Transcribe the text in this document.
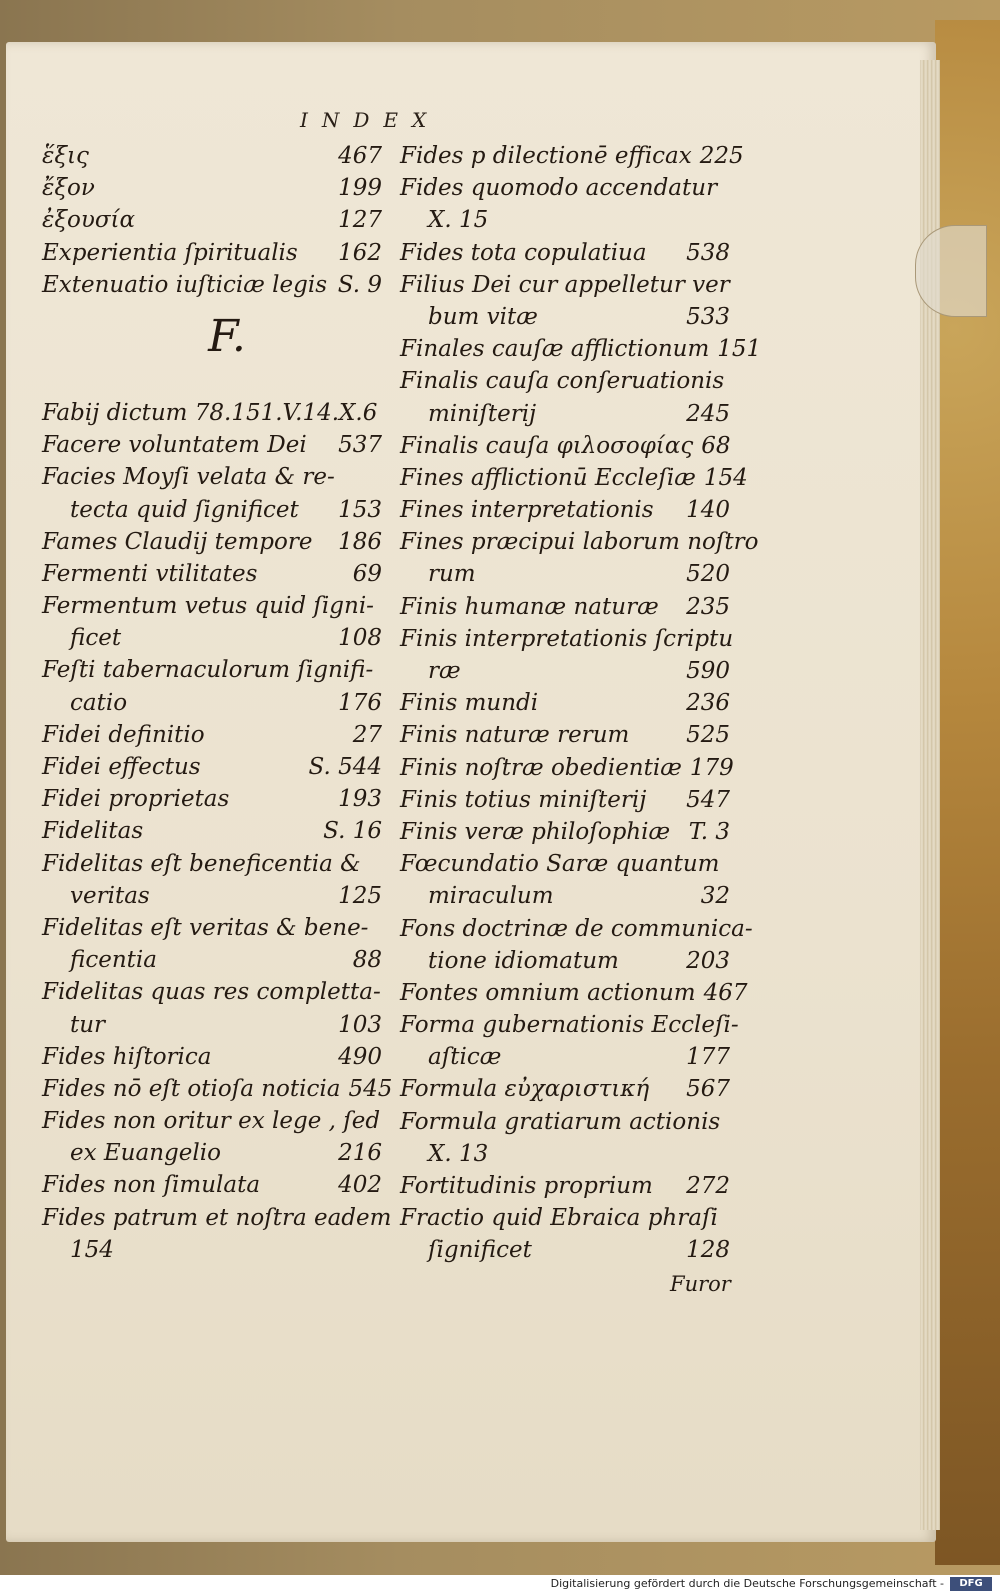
INDEX
ἕξις	467
ἔξον	199
ἐξουσία	127
Experientia ſpiritualis	162
Extenuatio iuſticiæ legis S. 9
F.
Fabij dictum 78.151.V.14.X.6
Facere voluntatem Dei	537
Facies Moyſi velata & re-
tecta quid ſignificet	153
Fames Claudij tempore	186
Fermenti vtilitates	69
Fermentum vetus quid ſigni-
ficet	108
Feſti tabernaculorum ſignifi-
catio	176
Fidei definitio	27
Fidei effectus	S. 544
Fidei proprietas	193
Fidelitas	S. 16
Fidelitas eſt beneficentia &
veritas	125
Fidelitas eſt veritas & bene-
ficentia	88
Fidelitas quas res completta-
tur	103
Fides hiſtorica	490
Fides nō eſt otioſa noticia 545
Fides non oritur ex lege , ſed
ex Euangelio	216
Fides non ſimulata	402
Fides patrum et noſtra eadem
154
Fides p dilectionē efficax 225
Fides quomodo accendatur
X. 15
Fides tota copulatiua	538
Filius Dei cur appelletur ver
bum vitæ	533
Finales cauſæ afflictionum 151
Finalis cauſa conſeruationis
miniſterij	245
Finalis cauſa φιλοσοφίας 68
Fines afflictionū Eccleſiæ 154
Fines interpretationis	140
Fines præcipui laborum noſtro
rum	520
Finis humanæ naturæ	235
Finis interpretationis ſcriptu
ræ	590
Finis mundi	236
Finis naturæ rerum	525
Finis noſtræ obedientiæ 179
Finis totius miniſterij	547
Finis veræ philoſophiæ T. 3
Fœcundatio Saræ quantum
miraculum	32
Fons doctrinæ de communica-
tione idiomatum	203
Fontes omnium actionum 467
Forma gubernationis Eccleſi-
aſticæ	177
Formula εὐχαριστική	567
Formula gratiarum actionis
X. 13
Fortitudinis proprium	272
Fractio quid Ebraica phraſi
ſignificet	128
Furor
Digitalisierung gefördert durch die Deutsche Forschungsgemeinschaft -	DFG
